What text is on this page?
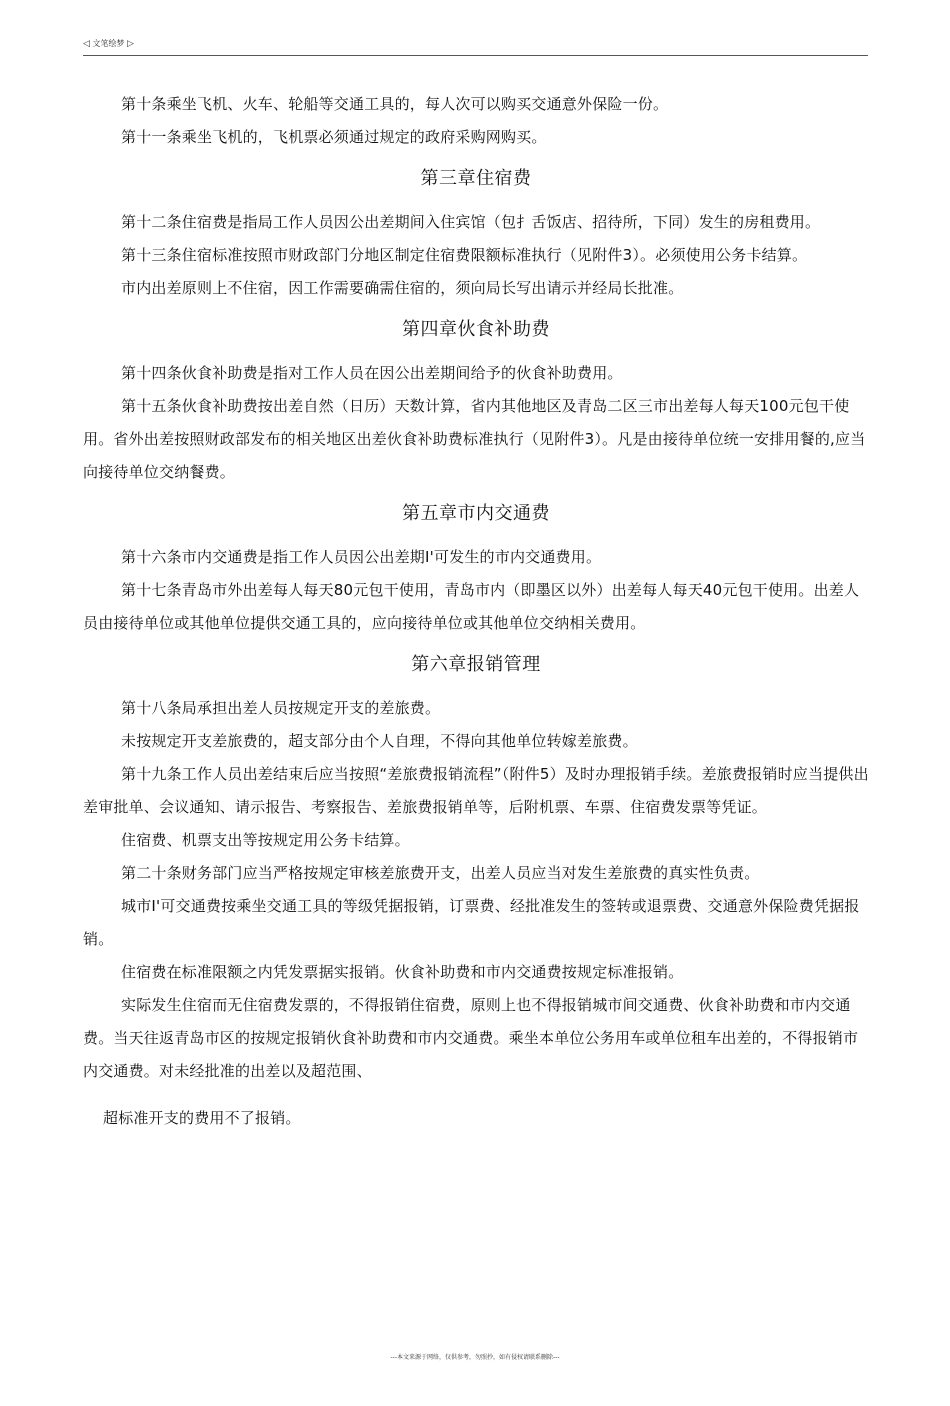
◁ 文笔绘梦 ▷

第十条乘坐飞机、火车、轮船等交通工具的，每人次可以购买交通意外保险一份。

第十一条乘坐飞机的，飞机票必须通过规定的政府采购网购买。

第三章住宿费

第十二条住宿费是指局工作人员因公出差期间入住宾馆（包扌舌饭店、招待所，下同）发生的房租费用。

第十三条住宿标准按照市财政部门分地区制定住宿费限额标准执行（见附件3）。必须使用公务卡结算。

市内出差原则上不住宿，因工作需要确需住宿的，须向局长写出请示并经局长批准。

第四章伙食补助费

第十四条伙食补助费是指对工作人员在因公出差期间给予的伙食补助费用。

第十五条伙食补助费按出差自然（日历）天数计算，省内其他地区及青岛二区三市出差每人每天100元包干使用。省外出差按照财政部发布的相关地区出差伙食补助费标准执行（见附件3）。凡是由接待单位统一安排用餐的,应当向接待单位交纳餐费。

第五章市内交通费

第十六条市内交通费是指工作人员因公出差期I'可发生的市内交通费用。

第十七条青岛市外出差每人每天80元包干使用，青岛市内（即墨区以外）出差每人每天40元包干使用。出差人员由接待单位或其他单位提供交通工具的，应向接待单位或其他单位交纳相关费用。

第六章报销管理

第十八条局承担出差人员按规定开支的差旅费。

未按规定开支差旅费的，超支部分由个人自理，不得向其他单位转嫁差旅费。

第十九条工作人员出差结束后应当按照“差旅费报销流程”（附件5）及时办理报销手续。差旅费报销时应当提供出差审批单、会议通知、请示报告、考察报告、差旅费报销单等，后附机票、车票、住宿费发票等凭证。

住宿费、机票支出等按规定用公务卡结算。

第二十条财务部门应当严格按规定审核差旅费开支，出差人员应当对发生差旅费的真实性负责。

城市I'可交通费按乘坐交通工具的等级凭据报销，订票费、经批准发生的签转或退票费、交通意外保险费凭据报销。

住宿费在标准限额之内凭发票据实报销。伙食补助费和市内交通费按规定标准报销。

实际发生住宿而无住宿费发票的，不得报销住宿费，原则上也不得报销城市间交通费、伙食补助费和市内交通费。当天往返青岛市区的按规定报销伙食补助费和市内交通费。乘坐本单位公务用车或单位租车出差的，不得报销市内交通费。对未经批准的出差以及超范围、

超标准开支的费用不了报销。

---本文来源于网络，仅供参考，勿照抄，如有侵权请联系删除---
